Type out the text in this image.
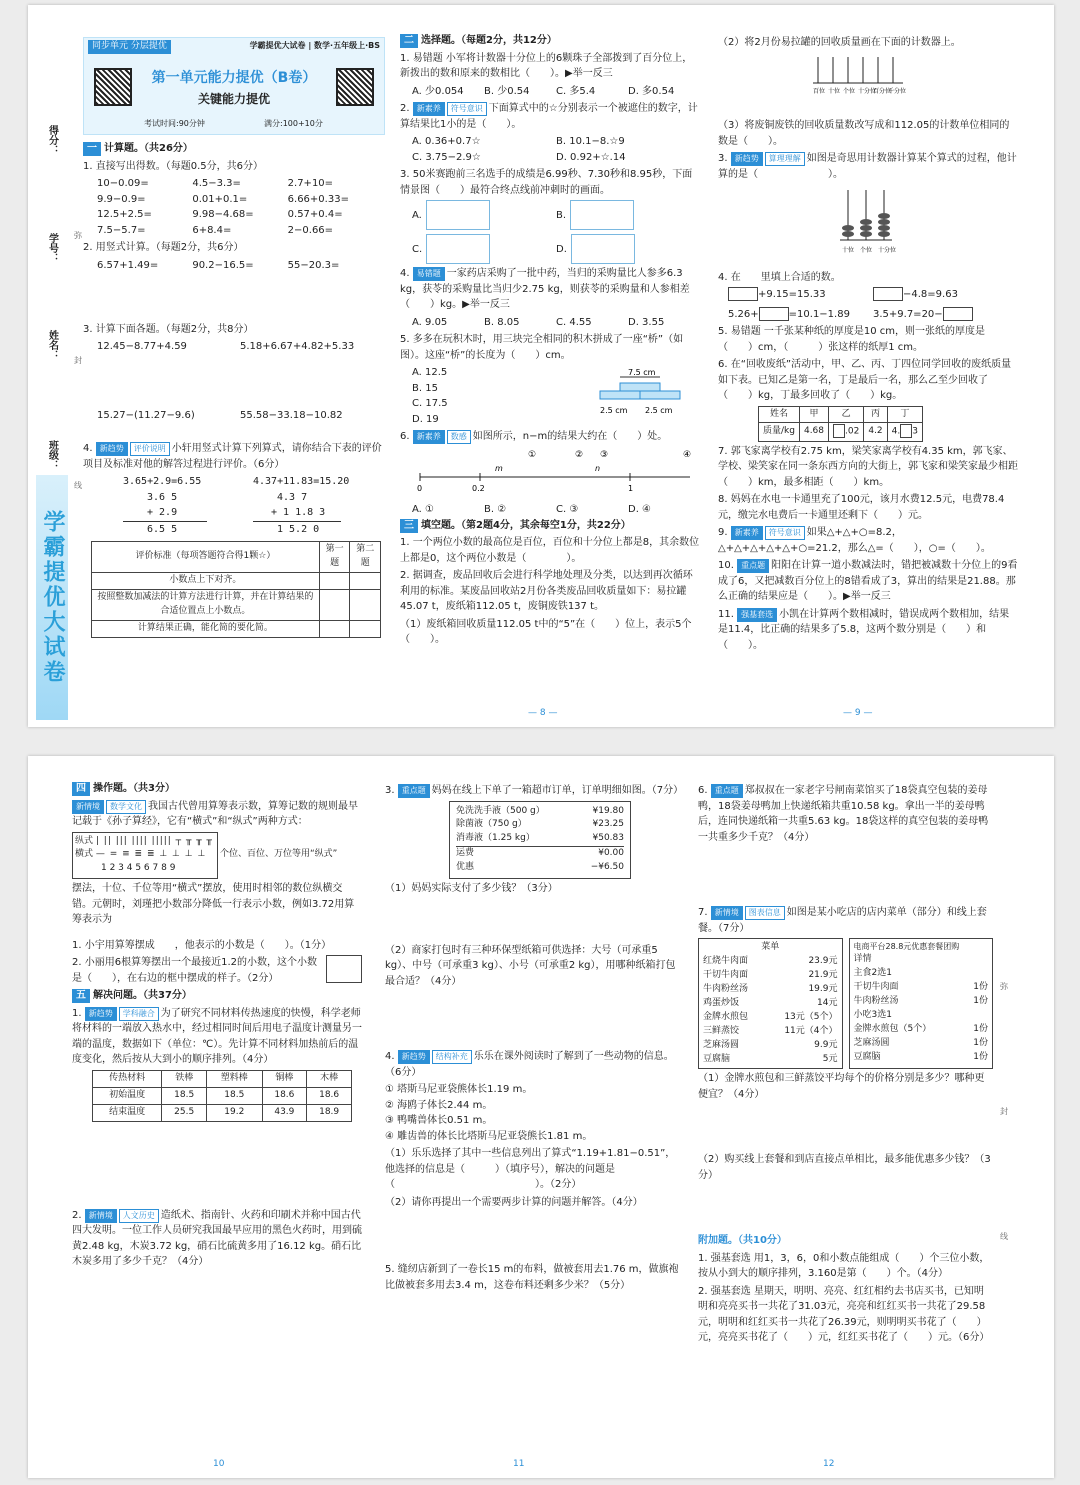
得分：
学号：
姓名：
班级：
学霸提优大试卷
弥
封
线
同步单元 分层提优	学霸提优大试卷 | 数学·五年级上·BS
第一单元能力提优（B卷）
关键能力提优
考试时间:90分钟	满分:100+10分
一 计算题。（共26分）
1. 直接写出得数。（每题0.5分，共6分）
10−0.09=	4.5−3.3=	2.7+10=
9.9−0.9=	0.01+0.1=	6.66+0.33=
12.5+2.5=	9.98−4.68=	0.57+0.4=
7.5−5.7=	6+8.4=	2−0.66=
2. 用竖式计算。（每题2分，共6分）
6.57+1.49=	90.2−16.5=	55−20.3=
3. 计算下面各题。（每题2分，共8分）
12.45−8.77+4.59	5.18+6.67+4.82+5.33
15.27−(11.27−9.6)	55.58−33.18−10.82
4. 新趋势 评价说明 小轩用竖式计算下列算式，请你结合下表的评价项目及标准对他的解答过程进行评价。（6分）
3.65+2.9=6.55
3.6 5
+ 2.9
6.5 5
4.37+11.83=15.20
4.3 7
+ 1 1.8 3
1 5.2 0
评价标准（每项答题符合得1颗☆）	第一题	第二题
小数点上下对齐。		
按照整数加减法的计算方法进行计算，并在计算结果的合适位置点上小数点。		
计算结果正确，能化简的要化简。		
二 选择题。（每题2分，共12分）
1. 易错题 小军将计数器十分位上的6颗珠子全部拨到了百分位上，新拨出的数和原来的数相比（　　）。▶举一反三
A. 少0.054	B. 少0.54	C. 多5.4	D. 多0.54
2. 新素养 符号意识 下面算式中的☆分别表示一个被遮住的数字，计算结果比1小的是（　　）。
A. 0.36+0.7☆	B. 10.1−8.☆9
C. 3.75−2.9☆	D. 0.92+☆.14
3. 50米赛跑前三名选手的成绩是6.99秒、7.30秒和8.95秒，下面情景图（　　）最符合终点线前冲刺时的画面。
A.	B.
C.	D.
4. 易错题 一家药店采购了一批中药，当归的采购量比人参多6.3 kg，获苓的采购量比当归少2.75 kg，则获苓的采购量和人参相差（　　）kg。▶举一反三
A. 9.05	B. 8.05	C. 4.55	D. 3.55
5. 多多在玩积木时，用三块完全相同的积木拼成了一座“桥”（如图）。这座“桥”的长度为（　　）cm。
A. 12.5
B. 15
C. 17.5
D. 19
7.5 cm
2.5 cm 2.5 cm
6. 新素养 数感 如图所示，n−m的结果大约在（　　）处。
0	0.2	1
m	n
①	② ③	④
A. ①	B. ②	C. ③	D. ④
三 填空题。（第2题4分，其余每空1分，共22分）
1. 一个两位小数的最高位是百位，百位和十分位上都是8，其余数位上都是0，这个两位小数是（　　　　）。
2. 据调查，废品回收后会进行科学地处理及分类，以达到再次循环利用的标准。某废品回收站2月份各类废品回收质量如下：易拉罐45.07 t，废纸箱112.05 t，废铜废铁137 t。
（1）废纸箱回收质量112.05 t中的“5”在（　　）位上，表示5个（　　）。
— 8 —
（2）将2月份易拉罐的回收质量画在下面的计数器上。
百位 十位 个位 十分位
百分位
千分位
（3）将废铜废铁的回收质量数改写成和112.05的计数单位相同的数是（　　）。
3. 新趋势 算理理解 如图是奇思用计数器计算某个算式的过程，他计算的是（　　　　　　　）。
十位 个位 十分位
4. 在　　里填上合适的数。
+9.15=15.33	−4.8=9.63
5.26+	=10.1−1.89	3.5+9.7=20−
5. 易错题 一千张某种纸的厚度是10 cm，则一张纸的厚度是（　　）cm，（　　　）张这样的纸厚1 cm。
6. 在“回收废纸”活动中，甲、乙、丙、丁四位同学回收的废纸质量如下表。已知乙是第一名，丁是最后一名，那么乙至少回收了（　　）kg，丁最多回收了（　　）kg。
姓名	甲	乙	丙	丁
质量/kg	4.68	.02	4.2	4. 3
7. 郭飞家离学校有2.75 km，梁笑家离学校有4.35 km，郭飞家、学校、梁笑家在同一条东西方向的大街上，郭飞家和梁笑家最少相距（　　）km，最多相距（　　）km。
8. 妈妈在水电一卡通里充了100元，该月水费12.5元，电费78.4元，缴完水电费后一卡通里还剩下（　　）元。
9. 新素养 符号意识 如果△+△+○=8.2，△+△+△+△+△+○=21.2，那么△=（　　），○=（　　）。
10. 重点题 阳阳在计算一道小数减法时，错把被减数十分位上的9看成了6，又把减数百分位上的8错看成了3，算出的结果是21.88。那么正确的结果应是（　　）。▶举一反三
11. 强基套选 小凯在计算两个数相减时，错误成两个数相加，结果是11.4，比正确的结果多了5.8，这两个数分别是（　　）和（　　）。
— 9 —
弥
封
线
四 操作题。（共3分）
新情境 数学文化 我国古代曾用算筹表示数，算筹记数的规则最早记载于《孙子算经》，它有“横式”和“纵式”两种方式：
纵式 | || ||| |||| ||||| ┬ ╥ ╥ ╥
横式 — = ≡ ≣ ≣ ⊥ ⊥ ⊥ ⊥
1 2 3 4 5 6 7 8 9
个位、百位、万位等用“纵式”
摆法，十位、千位等用“横式”摆放，使用时相邻的数位纵横交错。元朝时，刘瑾把小数部分降低一行表示小数，例如3.72用算筹表示为
1. 小宇用算筹摆成　　，他表示的小数是（　　）。（1分）
2. 小丽用6根算筹摆出一个最接近1.2的小数，这个小数是（　　），在右边的框中摆成的样子。（2分）
五 解决问题。（共37分）
1. 新趋势 学科融合 为了研究不同材料传热速度的快慢，科学老师将材料的一端放入热水中，经过相同时间后用电子温度计测量另一端的温度，数据如下（单位：℃）。先计算不同材料加热前后的温度变化，然后按从大到小的顺序排列。（4分）
传热材料	铁棒	塑料棒	铜棒	木棒
初始温度	18.5	18.5	18.6	18.6
结束温度	25.5	19.2	43.9	18.9
2. 新情境 人文历史 造纸术、指南针、火药和印刷术并称中国古代四大发明。一位工作人员研究我国最早应用的黑色火药时，用到硫黄2.48 kg，木炭3.72 kg，硝石比硫黄多用了16.12 kg。硝石比木炭多用了多少千克？（4分）
10
3. 重点题 妈妈在线上下单了一箱超市订单，订单明细如图。（7分）
免洗洗手液（500 g）	¥19.80
除菌液（750 g）	¥23.25
消毒液（1.25 kg）	¥50.83
运费	¥0.00
优惠	−¥6.50
（1）妈妈实际支付了多少钱？（3分）
（2）商家打包时有三种环保型纸箱可供选择：大号（可承重5 kg）、中号（可承重3 kg）、小号（可承重2 kg），用哪种纸箱打包最合适？（4分）
4. 新趋势 结构补充 乐乐在课外阅读时了解到了一些动物的信息。（6分）
① 塔斯马尼亚袋熊体长1.19 m。
② 海鸥子体长2.44 m。
③ 鸭嘴兽体长0.51 m。
④ 雕齿兽的体长比塔斯马尼亚袋熊长1.81 m。
（1）乐乐选择了其中一些信息列出了算式“1.19+1.81−0.51”，他选择的信息是（　　　）（填序号），解决的问题是（　　　　　　　　　　　　　　）。（2分）
（2）请你再提出一个需要两步计算的问题并解答。（4分）
5. 缝纫店新到了一卷长15 m的布料，做被套用去1.76 m，做旗袍比做被套多用去3.4 m，这卷布料还剩多少米？（5分）
11
6. 重点题 郑叔叔在一家老字号闸南菜馆买了18袋真空包装的姜母鸭，18袋姜母鸭加上快递纸箱共重10.58 kg。拿出一半的姜母鸭后，连同快递纸箱一共重5.63 kg。18袋这样的真空包装的姜母鸭一共重多少千克？（4分）
7. 新情境 图表信息 如图是某小吃店的店内菜单（部分）和线上套餐。（7分）
菜单
红烧牛肉面	23.9元
干切牛肉面	21.9元
牛肉粉丝汤	19.9元
鸡蛋炒饭	14元
金牌水煎包	13元（5个）
三鲜蒸饺	11元（4个）
芝麻汤圆	9.9元
豆腐脑	5元
电商平台28.8元优惠套餐团购
详情
主食2选1
干切牛肉面	1份
牛肉粉丝汤	1份
小吃3选1
金牌水煎包（5个）	1份
芝麻汤圆	1份
豆腐脑	1份
（1）金牌水煎包和三鲜蒸饺平均每个的价格分别是多少？哪种更便宜？（4分）
（2）购买线上套餐和到店直接点单相比，最多能优惠多少钱？（3分）
附加题。（共10分）
1. 强基套选 用1，3，6，0和小数点能组成（　　）个三位小数，按从小到大的顺序排列，3.160是第（　　）个。（4分）
2. 强基套选 星期天，明明、亮亮、红红相约去书店买书，已知明明和亮亮买书一共花了31.03元，亮亮和红红买书一共花了29.58元，明明和红红买书一共花了26.39元，则明明买书花了（　　）元，亮亮买书花了（　　）元，红红买书花了（　　）元。（6分）
12
